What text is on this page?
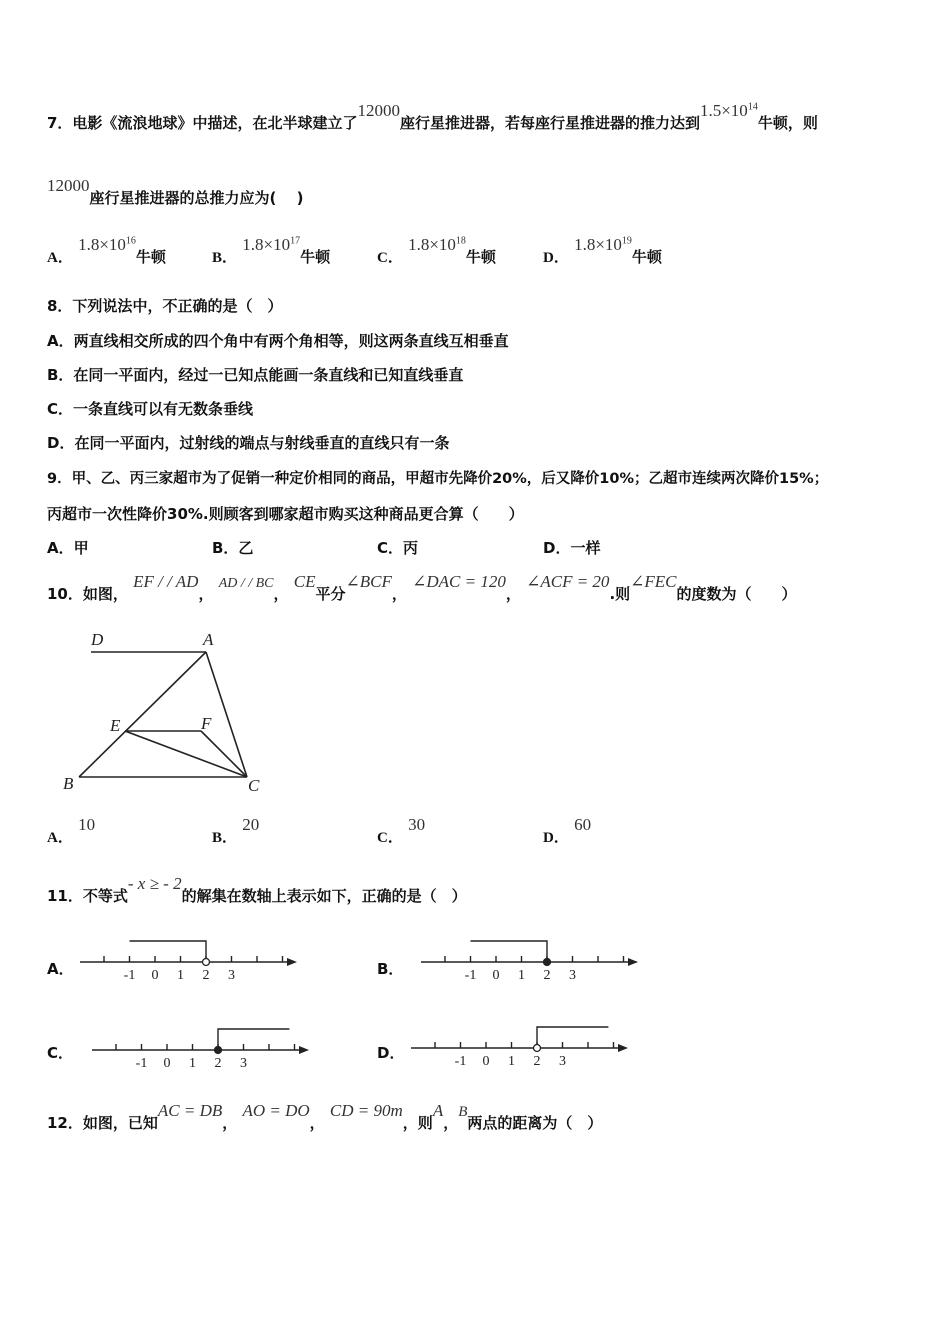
7．电影《流浪地球》中描述，在北半球建立了12000座行星推进器，若每座行星推进器的推力达到$1.5\times 10^{14}$牛顿，则
12000座行星推进器的总推力应为(　 )
A． $1.8\times 10^{16}$牛顿	B． $1.8\times 10^{17}$牛顿	C． $1.8\times 10^{18}$牛顿	D． $1.8\times 10^{19}$牛顿
8．下列说法中，不正确的是（　）
A．两直线相交所成的四个角中有两个角相等，则这两条直线互相垂直
B．在同一平面内，经过一已知点能画一条直线和已知直线垂直
C．一条直线可以有无数条垂线
D．在同一平面内，过射线的端点与射线垂直的直线只有一条
9．甲、乙、丙三家超市为了促销一种定价相同的商品，甲超市先降价20%，后又降价10%；乙超市连续两次降价15%；
丙超市一次性降价30%.则顾客到哪家超市购买这种商品更合算（　　）
A．甲	B．乙	C．丙	D．一样
10．如图， EF / / AD， AD / / BC， CE平分∠BCF， ∠DAC = 120， ∠ACF = 20.则∠FEC的度数为（　　）
D	A
E	F
B	C
A． 10
B． 20
C． 30
D． 60
11．不等式- x ≥ - 2的解集在数轴上表示如下，正确的是（　）
A．	-1 0 1 2 3	B．	-1 0 1 2 3
C．
-1 0 1 2 3
D．	-1 0 1 2 3
12．如图，已知AC = DB， AO = DO， CD = 90m，则A，B两点的距离为（　）
